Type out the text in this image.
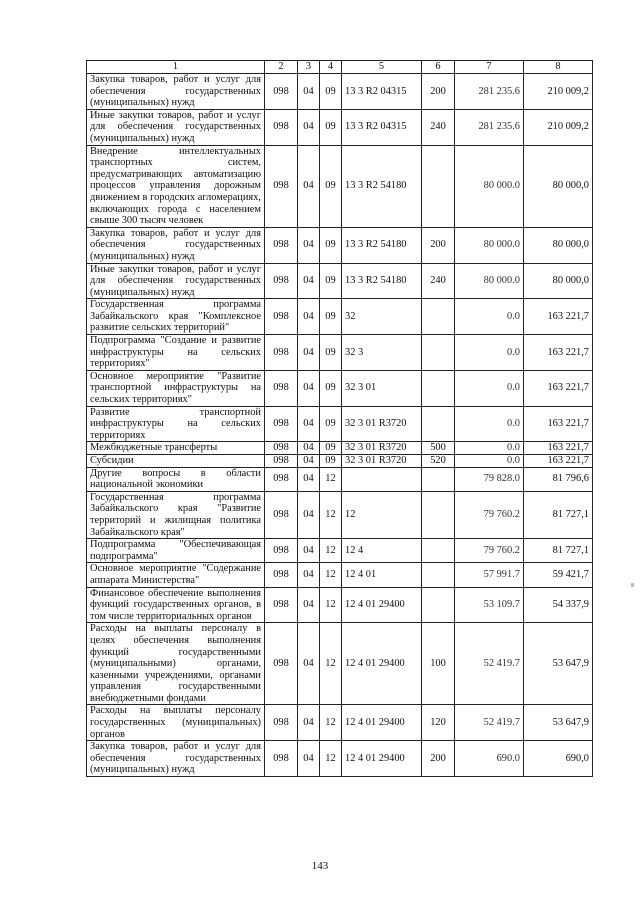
1	2	3	4	5	6	7	8
Закупка товаров, работ и услуг для обеспечения государственных (муниципальных) нужд	098	04	09	13 3 R2 04315	200	281 235.6	210 009,2
Иные закупки товаров, работ и услуг для обеспечения государственных (муниципальных) нужд	098	04	09	13 3 R2 04315	240	281 235.6	210 009,2
Внедрение интеллектуальных транспортных систем, предусматривающих автоматизацию процессов управления дорожным движением в городских агломерациях, включающих города с населением свыше 300 тысяч человек	098	04	09	13 3 R2 54180		80 000.0	80 000,0
Закупка товаров, работ и услуг для обеспечения государственных (муниципальных) нужд	098	04	09	13 3 R2 54180	200	80 000.0	80 000,0
Иные закупки товаров, работ и услуг для обеспечения государственных (муниципальных) нужд	098	04	09	13 3 R2 54180	240	80 000.0	80 000,0
Государственная программа Забайкальского края "Комплексное развитие сельских территорий"	098	04	09	32		0.0	163 221,7
Подпрограмма "Создание и развитие инфраструктуры на сельских территориях"	098	04	09	32 3		0.0	163 221,7
Основное мероприятие "Развитие транспортной инфраструктуры на сельских территориях"	098	04	09	32 3 01		0.0	163 221,7
Развитие транспортной инфраструктуры на сельских территориях	098	04	09	32 3 01 R3720		0.0	163 221,7
Межбюджетные трансферты	098	04	09	32 3 01 R3720	500	0.0	163 221,7
Субсидии	098	04	09	32 3 01 R3720	520	0.0	163 221,7
Другие вопросы в области национальной экономики	098	04	12			79 828.0	81 796,6
Государственная программа Забайкальского края "Развитие территорий и жилищная политика Забайкальского края"	098	04	12	12		79 760.2	81 727,1
Подпрограмма "Обеспечивающая подпрограмма"	098	04	12	12 4		79 760.2	81 727,1
Основное мероприятие "Содержание аппарата Министерства"	098	04	12	12 4 01		57 991.7	59 421,7
Финансовое обеспечение выполнения функций государственных органов, в том числе территориальных органов	098	04	12	12 4 01 29400		53 109.7	54 337,9
Расходы на выплаты персоналу в целях обеспечения выполнения функций государственными (муниципальными) органами, казенными учреждениями, органами управления государственными внебюджетными фондами	098	04	12	12 4 01 29400	100	52 419.7	53 647,9
Расходы на выплаты персоналу государственных (муниципальных) органов	098	04	12	12 4 01 29400	120	52 419.7	53 647,9
Закупка товаров, работ и услуг для обеспечения государственных (муниципальных) нужд	098	04	12	12 4 01 29400	200	690.0	690,0
143
